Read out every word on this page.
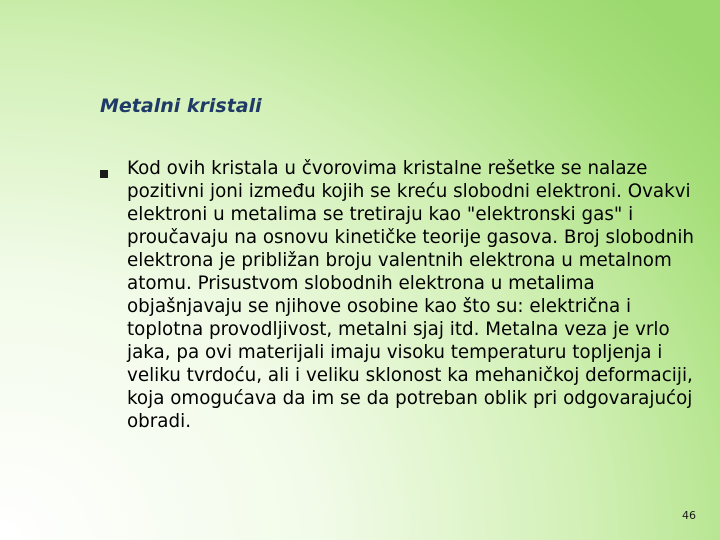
Metalni kristali

Kod ovih kristala u čvorovima kristalne rešetke se nalaze pozitivni joni između kojih se kreću slobodni elektroni. Ovakvi elektroni u metalima se tretiraju kao "elektronski gas" i proučavaju na osnovu kinetičke teorije gasova. Broj slobodnih elektrona je približan broju valentnih elektrona u metalnom atomu. Prisustvom slobodnih elektrona u metalima objašnjavaju se njihove osobine kao što su: električna i toplotna provodljivost, metalni sjaj itd. Metalna veza je vrlo jaka, pa ovi materijali imaju visoku temperaturu topljenja i veliku tvrdoću, ali i veliku sklonost ka mehaničkoj deformaciji, koja omogućava da im se da potreban oblik pri odgovarajućoj obradi.

46
